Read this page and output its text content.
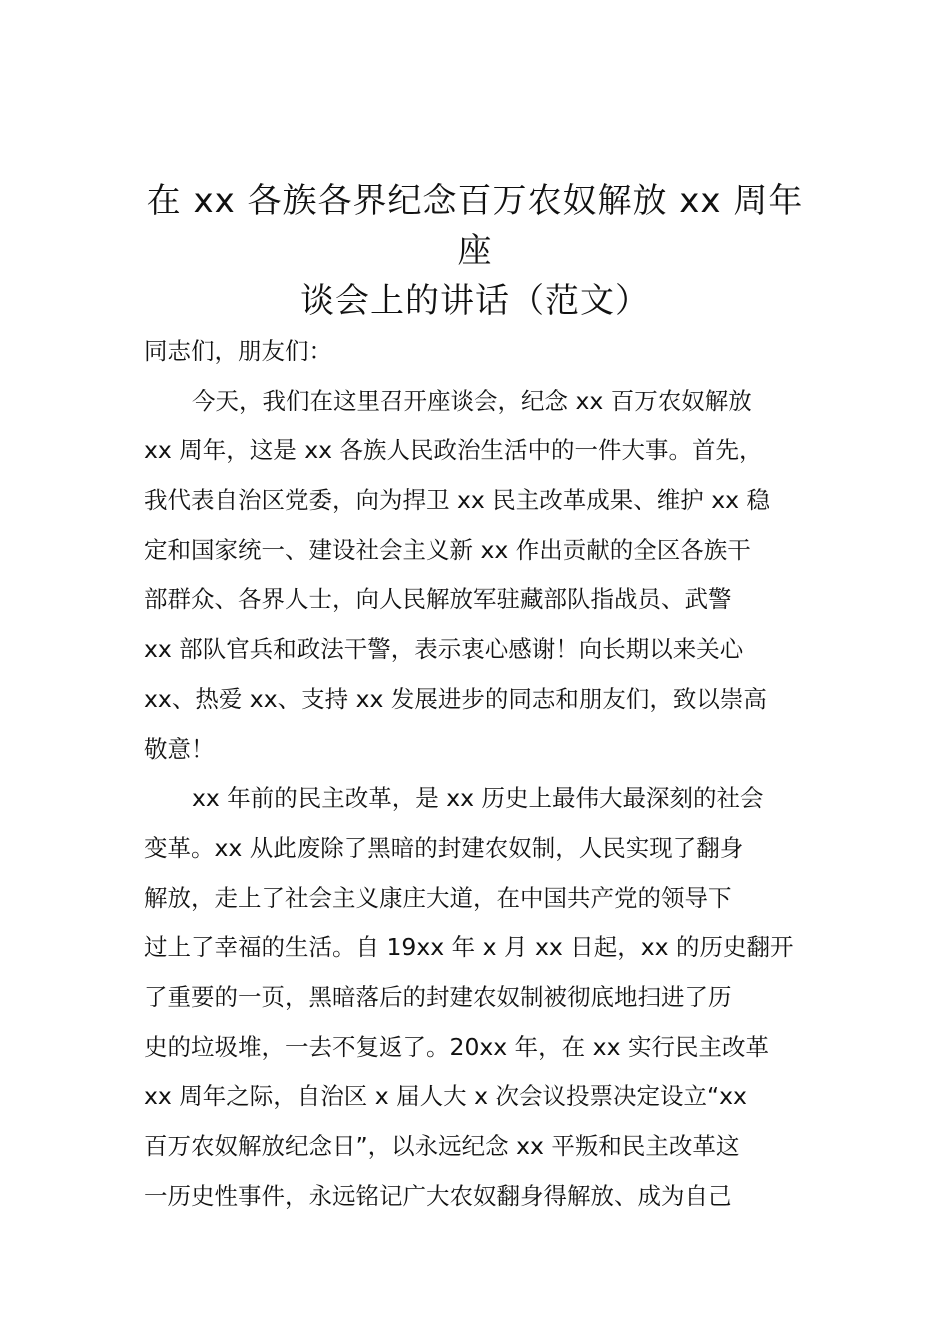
在 xx 各族各界纪念百万农奴解放 xx 周年座
谈会上的讲话（范文）
同志们，朋友们：
今天，我们在这里召开座谈会，纪念 xx 百万农奴解放
xx 周年，这是 xx 各族人民政治生活中的一件大事。首先，
我代表自治区党委，向为捍卫 xx 民主改革成果、维护 xx 稳
定和国家统一、建设社会主义新 xx 作出贡献的全区各族干
部群众、各界人士，向人民解放军驻藏部队指战员、武警
xx 部队官兵和政法干警，表示衷心感谢！向长期以来关心
xx、热爱 xx、支持 xx 发展进步的同志和朋友们，致以崇高
敬意！
xx 年前的民主改革，是 xx 历史上最伟大最深刻的社会
变革。xx 从此废除了黑暗的封建农奴制，人民实现了翻身
解放，走上了社会主义康庄大道，在中国共产党的领导下
过上了幸福的生活。自 19xx 年 x 月 xx 日起，xx 的历史翻开
了重要的一页，黑暗落后的封建农奴制被彻底地扫进了历
史的垃圾堆，一去不复返了。20xx 年，在 xx 实行民主改革
xx 周年之际，自治区 x 届人大 x 次会议投票决定设立“xx
百万农奴解放纪念日”，以永远纪念 xx 平叛和民主改革这
一历史性事件，永远铭记广大农奴翻身得解放、成为自己
